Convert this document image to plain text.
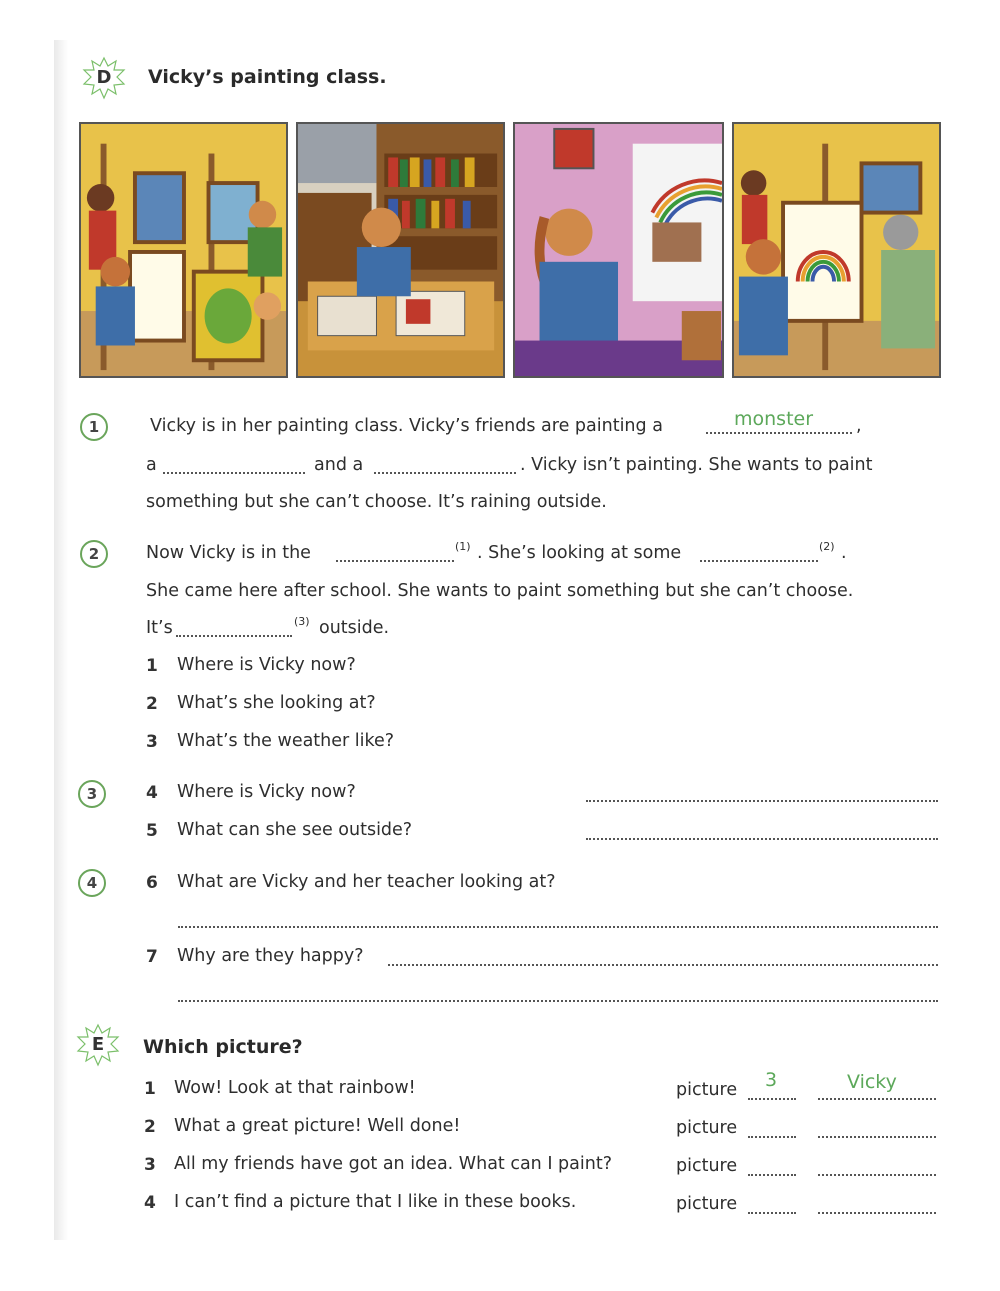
D	Vicky’s painting class.
1	Vicky is in her painting class. Vicky’s friends are painting a	monster ,
a	and a	. Vicky isn’t painting. She wants to paint
something but she can’t choose. It’s raining outside.
2	Now Vicky is in the	(1) . She’s looking at some	(2) .
She came here after school. She wants to paint something but she can’t choose.
It’s	(3) outside.
1 Where is Vicky now?
2 What’s she looking at?
3 What’s the weather like?
3	4 Where is Vicky now?
5 What can she see outside?
4	6 What are Vicky and her teacher looking at?
7 Why are they happy?
E	Which picture?
1 Wow! Look at that rainbow!	picture 3	Vicky
2 What a great picture! Well done!	picture
3 All my friends have got an idea. What can I paint?	picture
4 I can’t find a picture that I like in these books.	picture
